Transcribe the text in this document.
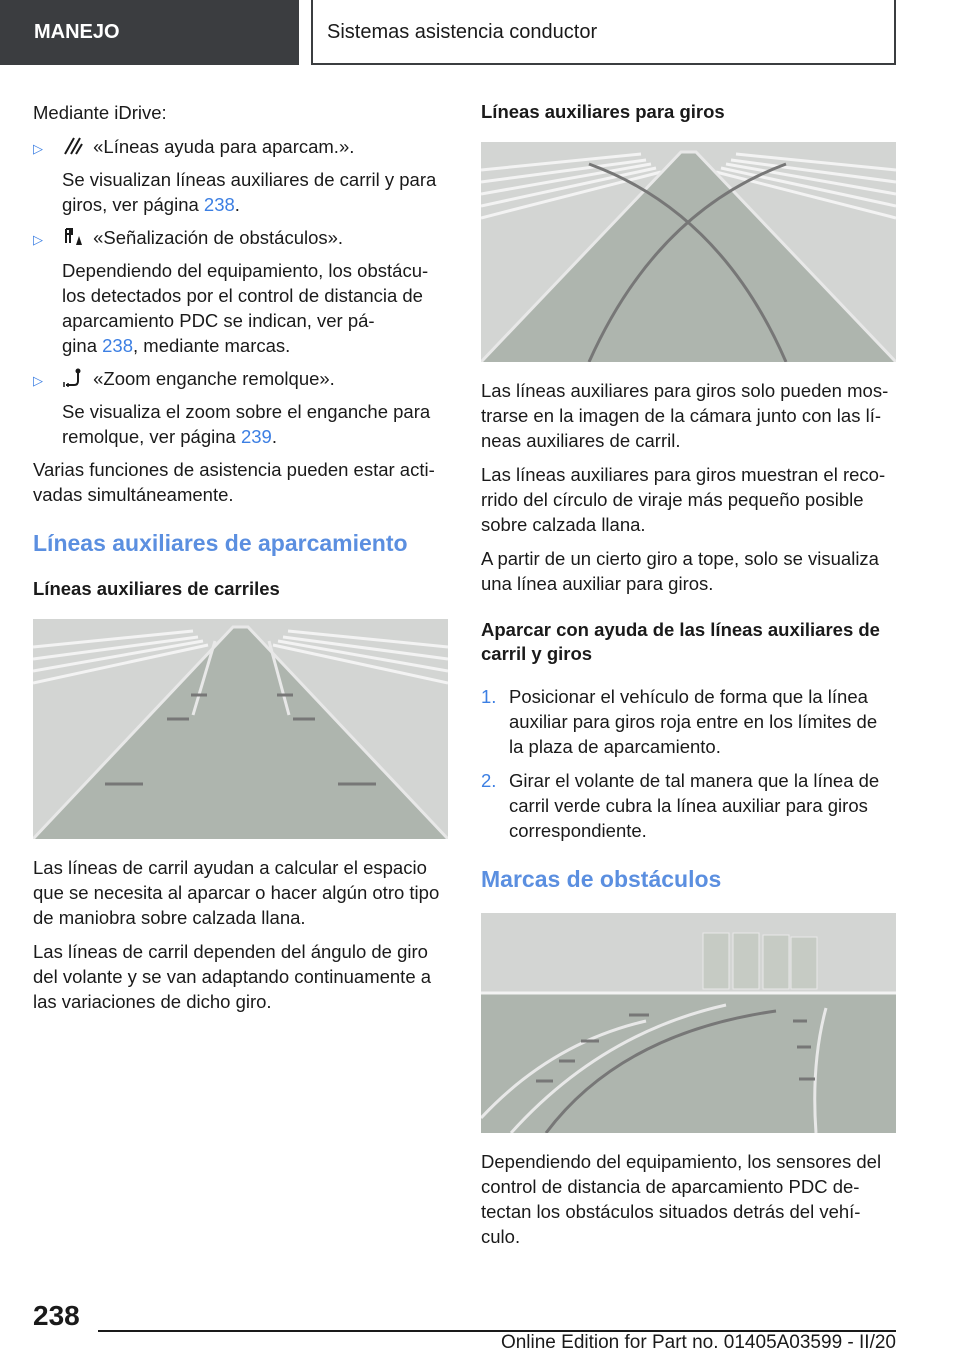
MANEJO	Sistemas asistencia conductor

Mediante iDrive:

▷	«Líneas ayuda para aparcam.».
Se visualizan líneas auxiliares de carril y para giros, ver página 238.
▷	«Señalización de obstáculos».
Dependiendo del equipamiento, los obstácu‐
los detectados por el control de distancia de
aparcamiento PDC se indican, ver pá‐
gina 238, mediante marcas.
▷	«Zoom enganche remolque».
Se visualiza el zoom sobre el enganche para remolque, ver página 239.

Varias funciones de asistencia pueden estar acti‐ vadas simultáneamente.

Líneas auxiliares de aparcamiento
Líneas auxiliares de carriles

Las líneas de carril ayudan a calcular el espacio que se necesita al aparcar o hacer algún otro tipo de maniobra sobre calzada llana.

Las líneas de carril dependen del ángulo de giro del volante y se van adaptando continuamente a las variaciones de dicho giro.

Líneas auxiliares para giros

Las líneas auxiliares para giros solo pueden mos‐ trarse en la imagen de la cámara junto con las lí‐ neas auxiliares de carril.

Las líneas auxiliares para giros muestran el reco‐ rrido del círculo de viraje más pequeño posible sobre calzada llana.

A partir de un cierto giro a tope, solo se visualiza una línea auxiliar para giros.

Aparcar con ayuda de las líneas auxiliares de carril y giros
1. Posicionar el vehículo de forma que la línea auxiliar para giros roja entre en los límites de la plaza de aparcamiento.
2. Girar el volante de tal manera que la línea de carril verde cubra la línea auxiliar para giros correspondiente.
Marcas de obstáculos

Dependiendo del equipamiento, los sensores del control de distancia de aparcamiento PDC de‐ tectan los obstáculos situados detrás del vehí‐ culo.

238
Online Edition for Part no. 01405A03599 - II/20
